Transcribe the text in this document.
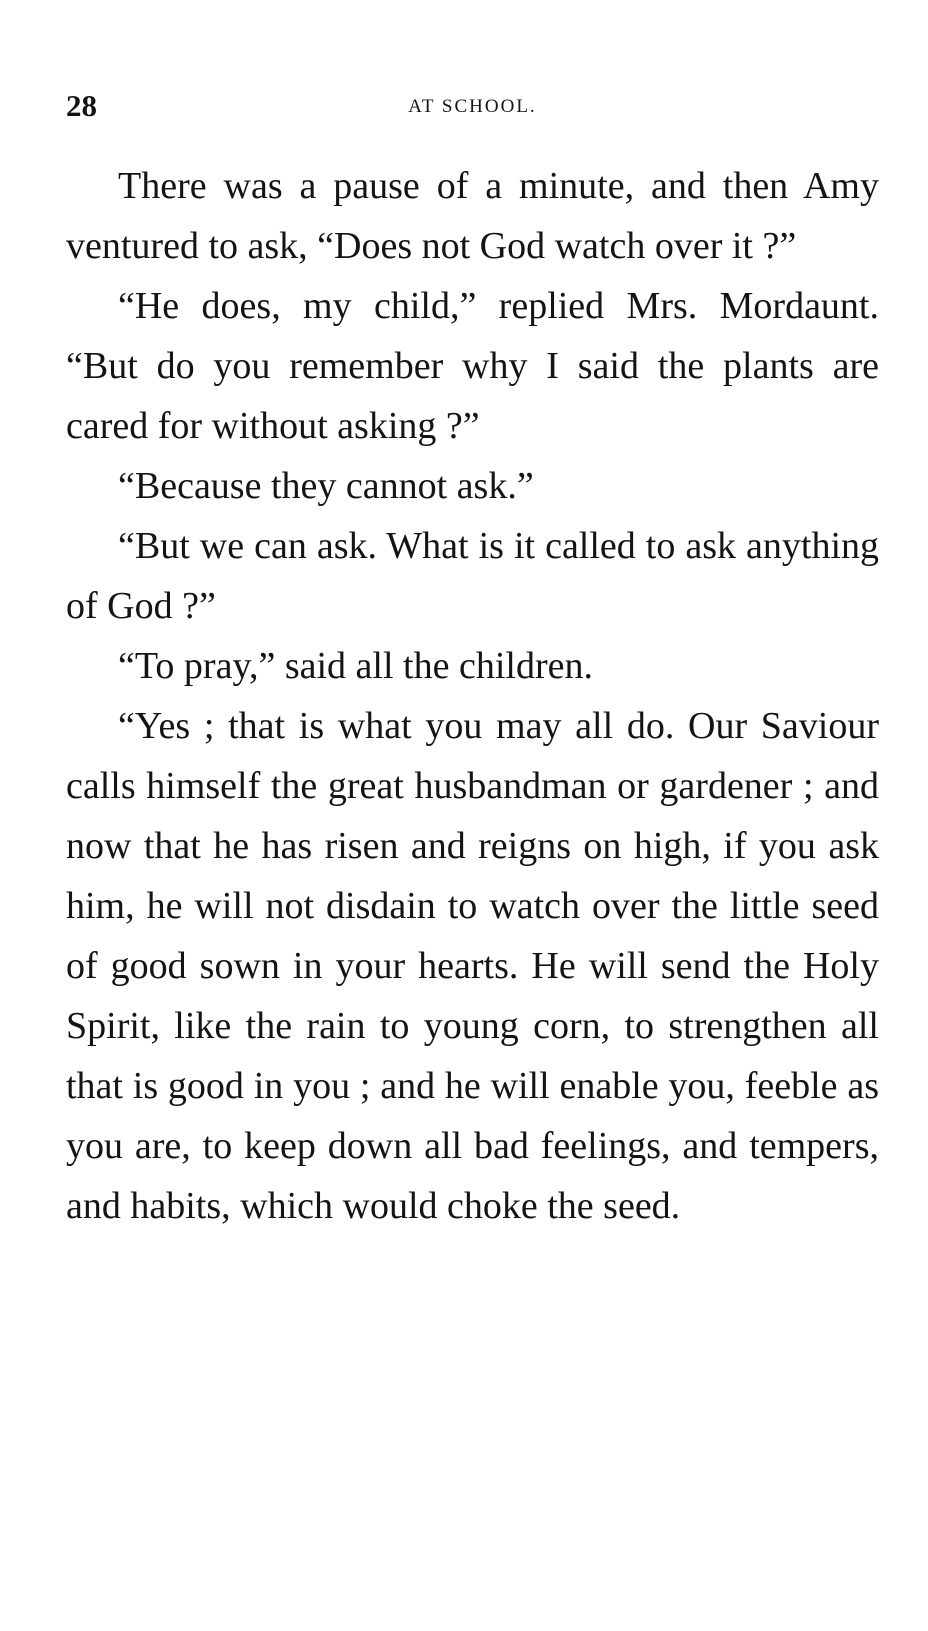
28	AT SCHOOL.

There was a pause of a minute, and then Amy ventured to ask, “Does not God watch over it ?”

“He does, my child,” replied Mrs. Mordaunt. “But do you remember why I said the plants are cared for without asking ?”

“Because they cannot ask.”

“But we can ask. What is it called to ask anything of God ?”

“To pray,” said all the children.

“Yes ; that is what you may all do. Our Saviour calls himself the great husbandman or gardener ; and now that he has risen and reigns on high, if you ask him, he will not disdain to watch over the little seed of good sown in your hearts. He will send the Holy Spirit, like the rain to young corn, to strengthen all that is good in you ; and he will enable you, feeble as you are, to keep down all bad feelings, and tempers, and habits, which would choke the seed.
